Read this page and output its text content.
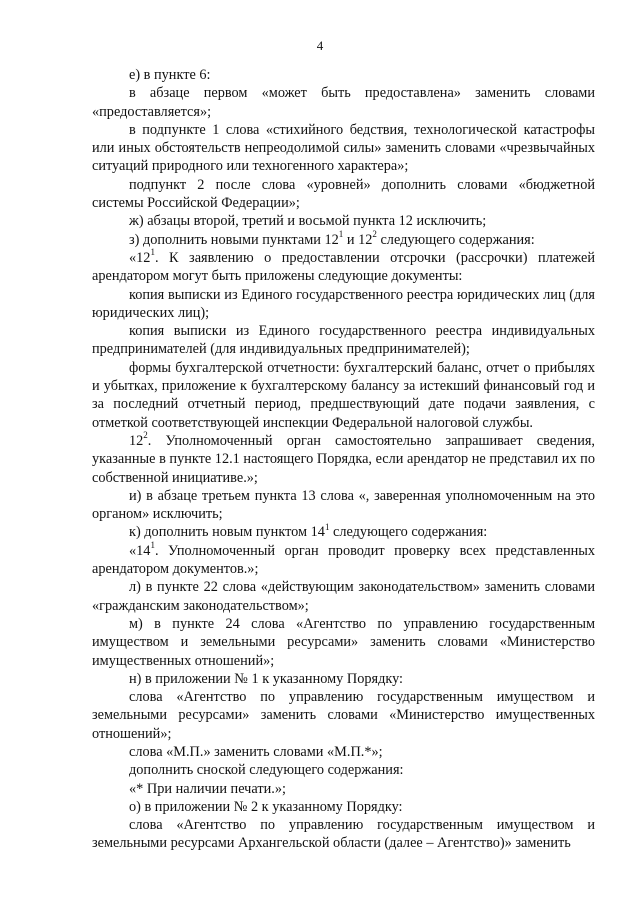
4

е) в пункте 6:

в абзаце первом «может быть предоставлена» заменить словами «предоставляется»;

в подпункте 1 слова «стихийного бедствия, технологической катастрофы или иных обстоятельств непреодолимой силы» заменить словами «чрезвычайных ситуаций природного или техногенного характера»;

подпункт 2 после слова «уровней» дополнить словами «бюджетной системы Российской Федерации»;

ж) абзацы второй, третий и восьмой пункта 12 исключить;

з) дополнить новыми пунктами $12^1$ и $12^2$ следующего содержания:

«$12^1$. К заявлению о предоставлении отсрочки (рассрочки) платежей арендатором могут быть приложены следующие документы:

копия выписки из Единого государственного реестра юридических лиц (для юридических лиц);

копия выписки из Единого государственного реестра индивидуальных предпринимателей (для индивидуальных предпринимателей);

формы бухгалтерской отчетности: бухгалтерский баланс, отчет о прибылях и убытках, приложение к бухгалтерскому балансу за истекший финансовый год и за последний отчетный период, предшествующий дате подачи заявления, с отметкой соответствующей инспекции Федеральной налоговой службы.

$12^2$. Уполномоченный орган самостоятельно запрашивает сведения, указанные в пункте 12.1 настоящего Порядка, если арендатор не представил их по собственной инициативе.»;

и) в абзаце третьем пункта 13 слова «, заверенная уполномоченным на это органом» исключить;

к) дополнить новым пунктом $14^1$ следующего содержания:

«$14^1$. Уполномоченный орган проводит проверку всех представленных арендатором документов.»;

л) в пункте 22 слова «действующим законодательством» заменить словами «гражданским законодательством»;

м) в пункте 24 слова «Агентство по управлению государственным имуществом и земельными ресурсами» заменить словами «Министерство имущественных отношений»;

н) в приложении № 1 к указанному Порядку:

слова «Агентство по управлению государственным имуществом и земельными ресурсами» заменить словами «Министерство имущественных отношений»;

слова «М.П.» заменить словами «М.П.*»;

дополнить сноской следующего содержания:

«* При наличии печати.»;

о) в приложении № 2 к указанному Порядку:

слова «Агентство по управлению государственным имуществом и земельными ресурсами Архангельской области (далее – Агентство)» заменить
